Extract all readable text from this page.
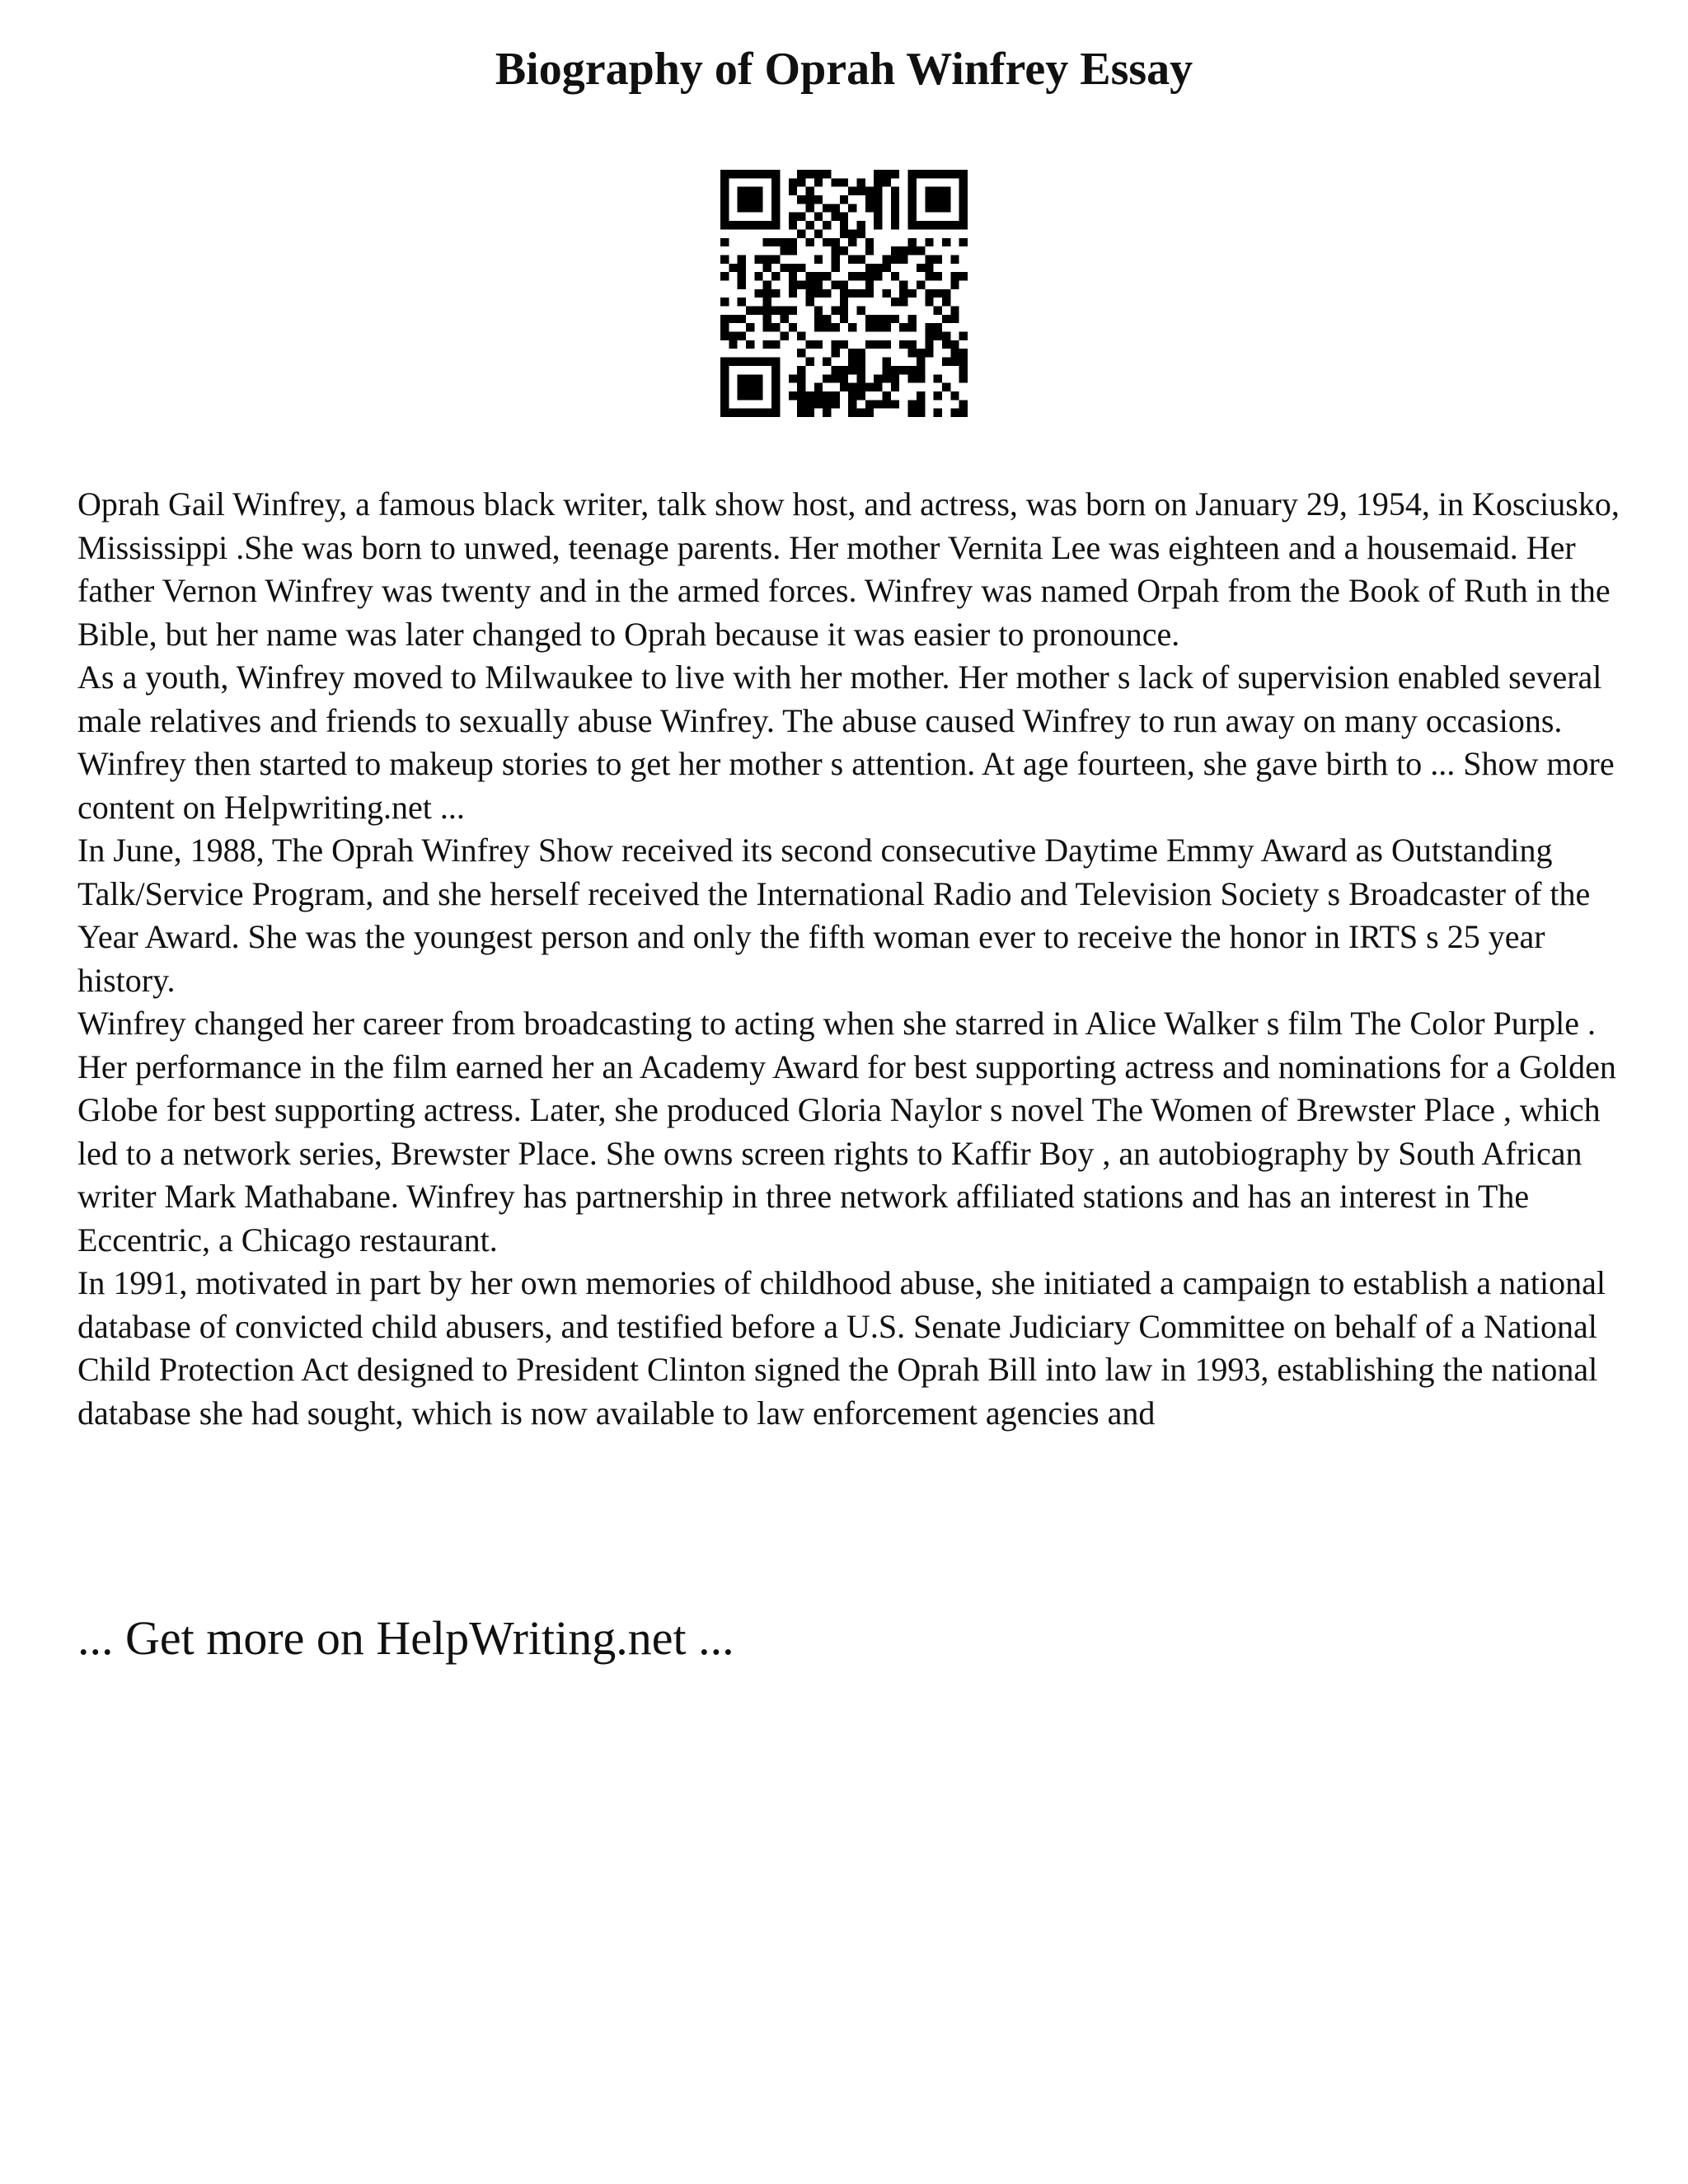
Biography of Oprah Winfrey Essay

Oprah Gail Winfrey, a famous black writer, talk show host, and actress, was born on January 29, 1954, in Kosciusko, Mississippi .She was born to unwed, teenage parents. Her mother Vernita Lee was eighteen and a housemaid. Her father Vernon Winfrey was twenty and in the armed forces. Winfrey was named Orpah from the Book of Ruth in the Bible, but her name was later changed to Oprah because it was easier to pronounce.

As a youth, Winfrey moved to Milwaukee to live with her mother. Her mother s lack of supervision enabled several male relatives and friends to sexually abuse Winfrey. The abuse caused Winfrey to run away on many occasions. Winfrey then started to makeup stories to get her mother s attention. At age fourteen, she gave birth to ... Show more content on Helpwriting.net ...

In June, 1988, The Oprah Winfrey Show received its second consecutive Daytime Emmy Award as Outstanding Talk/Service Program, and she herself received the International Radio and Television Society s Broadcaster of the Year Award. She was the youngest person and only the fifth woman ever to receive the honor in IRTS s 25 year history.

Winfrey changed her career from broadcasting to acting when she starred in Alice Walker s film The Color Purple . Her performance in the film earned her an Academy Award for best supporting actress and nominations for a Golden Globe for best supporting actress. Later, she produced Gloria Naylor s novel The Women of Brewster Place , which led to a network series, Brewster Place. She owns screen rights to Kaffir Boy , an autobiography by South African writer Mark Mathabane. Winfrey has partnership in three network affiliated stations and has an interest in The Eccentric, a Chicago restaurant.

In 1991, motivated in part by her own memories of childhood abuse, she initiated a campaign to establish a national database of convicted child abusers, and testified before a U.S. Senate Judiciary Committee on behalf of a National Child Protection Act designed to President Clinton signed the Oprah Bill into law in 1993, establishing the national database she had sought, which is now available to law enforcement agencies and

... Get more on HelpWriting.net ...
